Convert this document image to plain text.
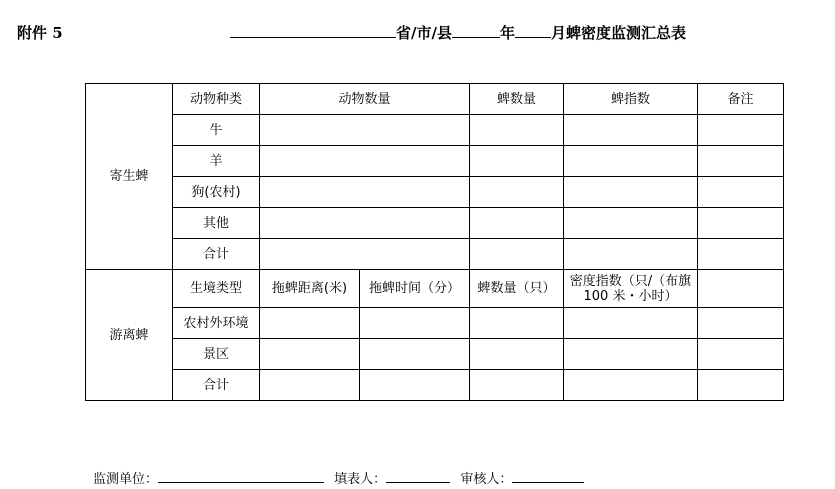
附件 5	省/市/县	年 月蜱密度监测汇总表
寄生蜱	动物种类	动物数量		蜱数量	蜱指数	备注
	牛					
	羊					
	狗(农村)					
	其他					
	合计					
游离蜱	生境类型	拖蜱距离(米)	拖蜱时间（分）	蜱数量（只）	密度指数（只/（布旗 100 米・小时）	
	农村外环境					
	景区					
	合计					
监测单位：	填表人：	审核人：
